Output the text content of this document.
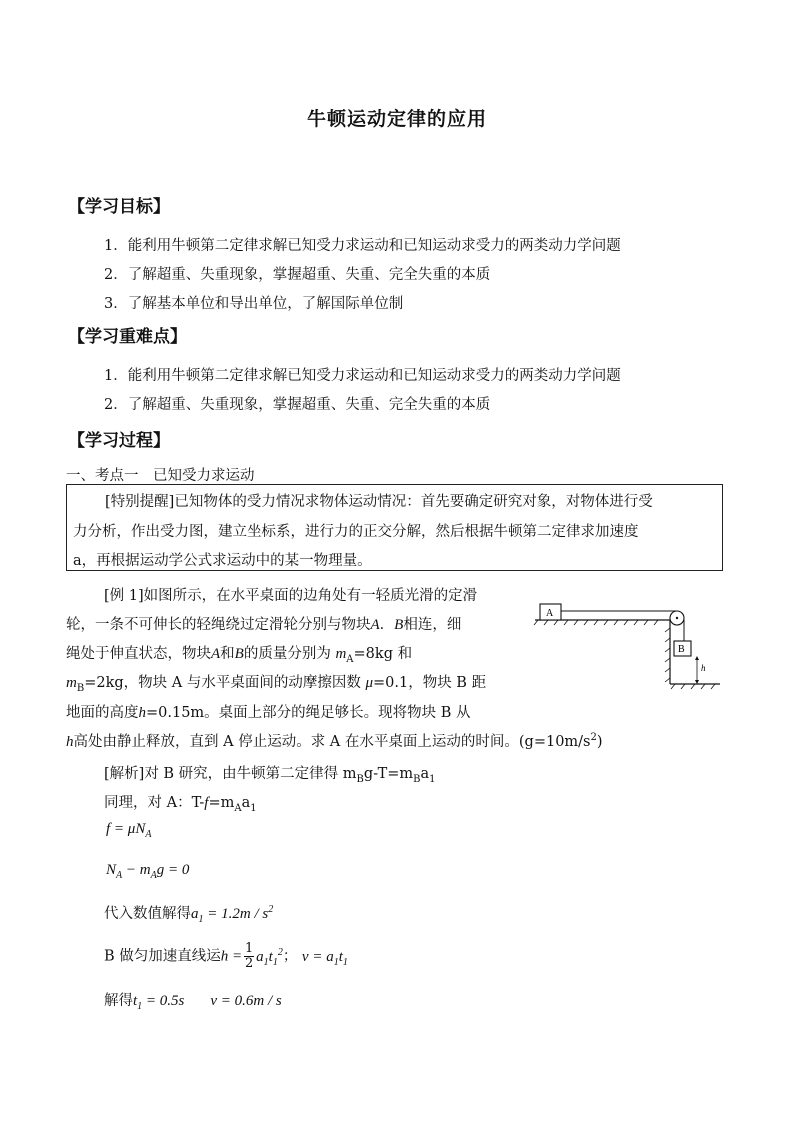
牛顿运动定律的应用
【学习目标】
1．能利用牛顿第二定律求解已知受力求运动和已知运动求受力的两类动力学问题
2．了解超重、失重现象，掌握超重、失重、完全失重的本质
3．了解基本单位和导出单位，了解国际单位制
【学习重难点】
1．能利用牛顿第二定律求解已知受力求运动和已知运动求受力的两类动力学问题
2．了解超重、失重现象，掌握超重、失重、完全失重的本质
【学习过程】
一、考点一　已知受力求运动

[特别提醒]已知物体的受力情况求物体运动情况：首先要确定研究对象，对物体进行受

力分析，作出受力图，建立坐标系，进行力的正交分解，然后根据牛顿第二定律求加速度

a，再根据运动学公式求运动中的某一物理量。

[例 1]如图所示，在水平桌面的边角处有一轻质光滑的定滑
轮，一条不可伸长的轻绳绕过定滑轮分别与物块A．B相连，细
绳处于伸直状态，物块A和B的质量分别为 $m_A=8kg$ 和
$m_B=2kg$，物块 A 与水平桌面间的动摩擦因数 μ=0.1，物块 B 距
地面的高度h=0.15m。桌面上部分的绳足够长。现将物块 B 从
h高处由静止释放，直到 A 停止运动。求 A 在水平桌面上运动的时间。$(g=10m/s^2)$
A
B
h
[解析]对 B 研究，由牛顿第二定律得 $m_Bg-T=m_Ba_1$
同理，对 A：$T-f=m_Aa_1$
$f = \mu N_A$
$N_A - m_Ag = 0$
代入数值解得$a_1 = 1.2m / s^2$
B 做匀加速直线运$h = \frac{1}{2} a_1t_1^2$； $v = a_1t_1$
解得$t_1 = 0.5s$ v = 0.6m / s
